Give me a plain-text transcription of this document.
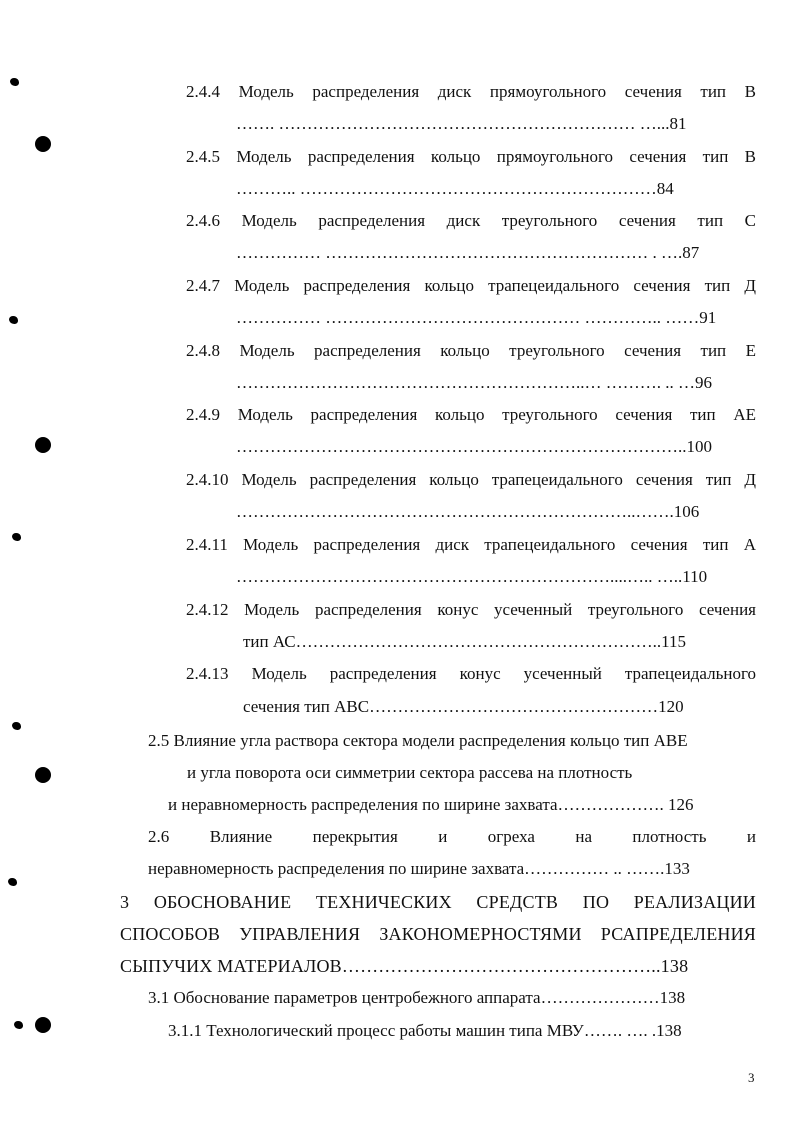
2.4.4 Модель распределения диск прямоугольного сечения тип В
……. ……………………………………………………… …...81
2.4.5 Модель распределения кольцо прямоугольного сечения тип В
……….. ………………………………………………………84
2.4.6 Модель распределения диск треугольного сечения тип С
…………… ………………………………………………… . ….87
2.4.7 Модель распределения кольцо трапецеидального сечения тип Д
…………… ……………………………………… ………….. ……91
2.4.8 Модель распределения кольцо треугольного сечения тип Е
……………………………………………………..… ………. .. …96
2.4.9 Модель распределения кольцо треугольного сечения тип АЕ
……………………………………………………………………..100
2.4.10 Модель распределения кольцо трапецеидального сечения тип Д
……………………………………………………………..…….106
2.4.11 Модель распределения диск трапецеидального сечения тип А
…………………………………………………………....….. …..110
2.4.12 Модель распределения конус усеченный треугольного сечения
тип АС………………………………………………………..115
2.4.13 Модель распределения конус усеченный трапецеидального
сечения тип АВС……………………………………………120
2.5 Влияние угла раствора сектора модели распределения кольцо тип АВЕ
и угла поворота оси симметрии сектора рассева на плотность
и неравномерность распределения по ширине захвата………………. 126
2.6 Влияние перекрытия и огреха на плотность и
неравномерность распределения по ширине захвата…………… .. …….133
3 ОБОСНОВАНИЕ ТЕХНИЧЕСКИХ СРЕДСТВ ПО РЕАЛИЗАЦИИ
СПОСОБОВ УПРАВЛЕНИЯ ЗАКОНОМЕРНОСТЯМИ РСАПРЕДЕЛЕНИЯ
СЫПУЧИХ МАТЕРИАЛОВ……………………………………………..138
3.1 Обоснование параметров центробежного аппарата…………………138
3.1.1 Технологический процесс работы машин типа МВУ……. …. .138
3
